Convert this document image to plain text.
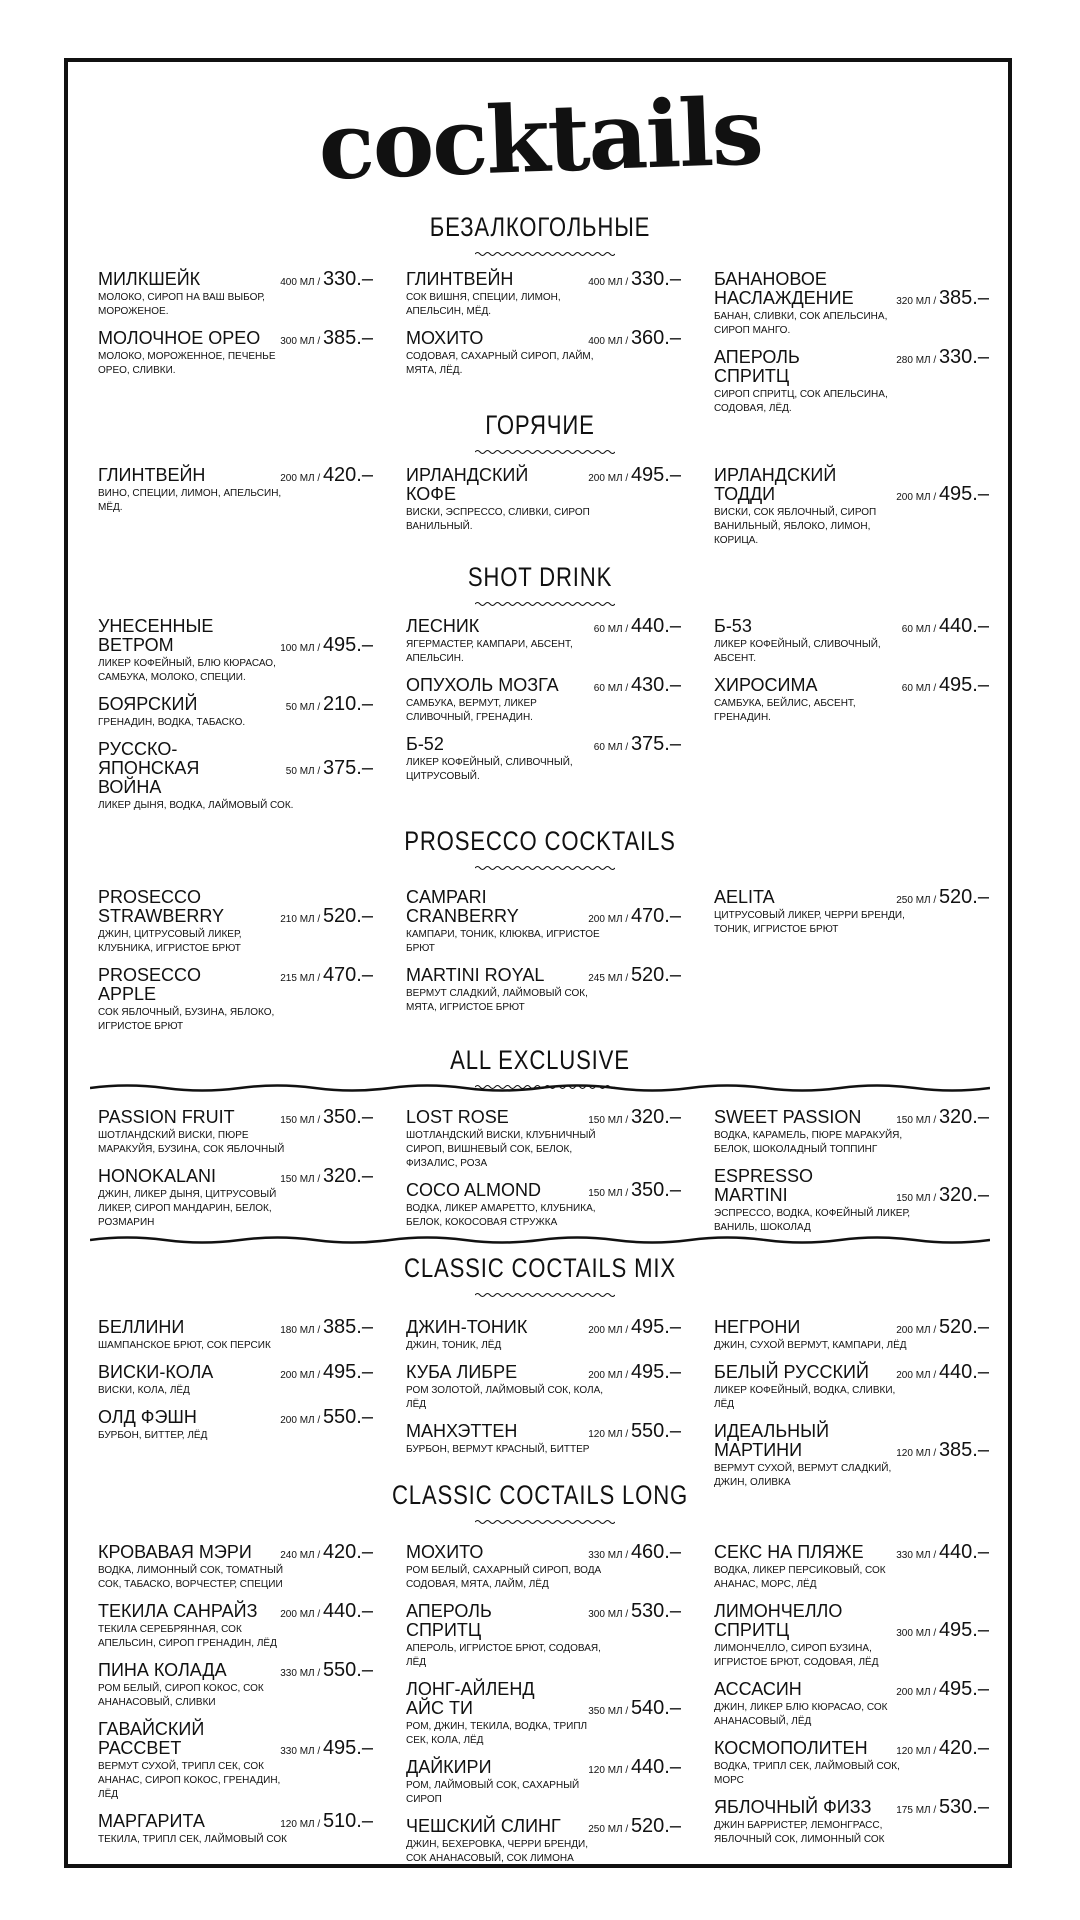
cocktails
БЕЗАЛКОГОЛЬНЫЕ
МИЛКШЕЙК	400 МЛ / 330.–
МОЛОКО, СИРОП НА ВАШ ВЫБОР, МОРОЖЕНОЕ.
МОЛОЧНОЕ ОРЕО 300 МЛ / 385.–
МОЛОКО, МОРОЖЕННОЕ, ПЕЧЕНЬЕ ОРЕО, СЛИВКИ.
ГЛИНТВЕЙН	400 МЛ / 330.–
СОК ВИШНЯ, СПЕЦИИ, ЛИМОН, АПЕЛЬСИН, МЁД.
МОХИТО	400 МЛ / 360.–
СОДОВАЯ, САХАРНЫЙ СИРОП, ЛАЙМ, МЯТА, ЛЁД.
БАНАНОВОЕ НАСЛАЖДЕНИЕ	320 МЛ / 385.–
БАНАН, СЛИВКИ, СОК АПЕЛЬСИНА, СИРОП МАНГО.
АПЕРОЛЬ СПРИТЦ
280 МЛ / 330.–
СИРОП СПРИТЦ, СОК АПЕЛЬСИНА, СОДОВАЯ, ЛЁД.
ГОРЯЧИЕ
ГЛИНТВЕЙН	200 МЛ / 420.–
ВИНО, СПЕЦИИ, ЛИМОН, АПЕЛЬСИН, МЁД.
ИРЛАНДСКИЙ КОФЕ
200 МЛ / 495.–
ВИСКИ, ЭСПРЕССО, СЛИВКИ, СИРОП ВАНИЛЬНЫЙ.
ИРЛАНДСКИЙ ТОДДИ	200 МЛ / 495.–
ВИСКИ, СОК ЯБЛОЧНЫЙ, СИРОП ВАНИЛЬНЫЙ, ЯБЛОКО, ЛИМОН, КОРИЦА.
SHOT DRINK
УНЕСЕННЫЕ ВЕТРОМ	100 МЛ / 495.–
ЛИКЕР КОФЕЙНЫЙ, БЛЮ КЮРАСАО, САМБУКА, МОЛОКО, СПЕЦИИ.
БОЯРСКИЙ	50 МЛ / 210.–
ГРЕНАДИН, ВОДКА, ТАБАСКО.
РУССКО-ЯПОНСКАЯ ВОЙНА
50 МЛ / 375.–
ЛИКЕР ДЫНЯ, ВОДКА, ЛАЙМОВЫЙ СОК.
ЛЕСНИК	60 МЛ / 440.–
ЯГЕРМАСТЕР, КАМПАРИ, АБСЕНТ, АПЕЛЬСИН.
ОПУХОЛЬ МОЗГА	60 МЛ / 430.–
САМБУКА, ВЕРМУТ, ЛИКЕР СЛИВОЧНЫЙ, ГРЕНАДИН.
Б-52	60 МЛ / 375.–
ЛИКЕР КОФЕЙНЫЙ, СЛИВОЧНЫЙ, ЦИТРУСОВЫЙ.
Б-53	60 МЛ / 440.–
ЛИКЕР КОФЕЙНЫЙ, СЛИВОЧНЫЙ, АБСЕНТ.
ХИРОСИМА	60 МЛ / 495.–
САМБУКА, БЕЙЛИС, АБСЕНТ, ГРЕНАДИН.
PROSECCO COCKTAILS
PROSECCO STRAWBERRY	210 МЛ / 520.–
ДЖИН, ЦИТРУСОВЫЙ ЛИКЕР, КЛУБНИКА, ИГРИСТОЕ БРЮТ
PROSECCO APPLE
215 МЛ / 470.–
СОК ЯБЛОЧНЫЙ, БУЗИНА, ЯБЛОКО, ИГРИСТОЕ БРЮТ
CAMPARI CRANBERRY	200 МЛ / 470.–
КАМПАРИ, ТОНИК, КЛЮКВА, ИГРИСТОЕ БРЮТ
MARTINI ROYAL	245 МЛ / 520.–
ВЕРМУТ СЛАДКИЙ, ЛАЙМОВЫЙ СОК, МЯТА, ИГРИСТОЕ БРЮТ
AELITA	250 МЛ / 520.–
ЦИТРУСОВЫЙ ЛИКЕР, ЧЕРРИ БРЕНДИ, ТОНИК, ИГРИСТОЕ БРЮТ
ALL EXCLUSIVE
PASSION FRUIT	150 МЛ / 350.–
ШОТЛАНДСКИЙ ВИСКИ, ПЮРЕ МАРАКУЙЯ, БУЗИНА, СОК ЯБЛОЧНЫЙ
HONOKALANI	150 МЛ / 320.–
ДЖИН, ЛИКЕР ДЫНЯ, ЦИТРУСОВЫЙ ЛИКЕР, СИРОП МАНДАРИН, БЕЛОК, РОЗМАРИН
LOST ROSE	150 МЛ / 320.–
ШОТЛАНДСКИЙ ВИСКИ, КЛУБНИЧНЫЙ СИРОП, ВИШНЕВЫЙ СОК, БЕЛОК, ФИЗАЛИС, РОЗА
COCO ALMOND	150 МЛ / 350.–
ВОДКА, ЛИКЕР АМАРЕТТО, КЛУБНИКА, БЕЛОК, КОКОСОВАЯ СТРУЖКА
SWEET PASSION	150 МЛ / 320.–
ВОДКА, КАРАМЕЛЬ, ПЮРЕ МАРАКУЙЯ, БЕЛОК, ШОКОЛАДНЫЙ ТОППИНГ
ESPRESSO MARTINI	150 МЛ / 320.–
ЭСПРЕССО, ВОДКА, КОФЕЙНЫЙ ЛИКЕР, ВАНИЛЬ, ШОКОЛАД
CLASSIC COCTAILS MIX
БЕЛЛИНИ	180 МЛ / 385.–
ШАМПАНСКОЕ БРЮТ, СОК ПЕРСИК
ВИСКИ-КОЛА	200 МЛ / 495.–
ВИСКИ, КОЛА, ЛЁД
ОЛД ФЭШН	200 МЛ / 550.–
БУРБОН, БИТТЕР, ЛЁД
ДЖИН-ТОНИК	200 МЛ / 495.–
ДЖИН, ТОНИК, ЛЁД
КУБА ЛИБРЕ	200 МЛ / 495.–
РОМ ЗОЛОТОЙ, ЛАЙМОВЫЙ СОК, КОЛА, ЛЁД
МАНХЭТТЕН	120 МЛ / 550.–
БУРБОН, ВЕРМУТ КРАСНЫЙ, БИТТЕР
НЕГРОНИ	200 МЛ / 520.–
ДЖИН, СУХОЙ ВЕРМУТ, КАМПАРИ, ЛЁД
БЕЛЫЙ РУССКИЙ	200 МЛ / 440.–
ЛИКЕР КОФЕЙНЫЙ, ВОДКА, СЛИВКИ, ЛЁД
ИДЕАЛЬНЫЙ МАРТИНИ	120 МЛ / 385.–
ВЕРМУТ СУХОЙ, ВЕРМУТ СЛАДКИЙ, ДЖИН, ОЛИВКА
CLASSIC COCTAILS LONG
КРОВАВАЯ МЭРИ	240 МЛ / 420.–
ВОДКА, ЛИМОННЫЙ СОК, ТОМАТНЫЙ СОК, ТАБАСКО, ВОРЧЕСТЕР, СПЕЦИИ
ТЕКИЛА САНРАЙЗ	200 МЛ / 440.–
ТЕКИЛА СЕРЕБРЯННАЯ, СОК АПЕЛЬСИН, СИРОП ГРЕНАДИН, ЛЁД
ПИНА КОЛАДА	330 МЛ / 550.–
РОМ БЕЛЫЙ, СИРОП КОКОС, СОК АНАНАСОВЫЙ, СЛИВКИ
ГАВАЙСКИЙ РАССВЕТ	330 МЛ / 495.–
ВЕРМУТ СУХОЙ, ТРИПЛ СЕК, СОК АНАНАС, СИРОП КОКОС, ГРЕНАДИН, ЛЁД
МАРГАРИТА	120 МЛ / 510.–
ТЕКИЛА, ТРИПЛ СЕК, ЛАЙМОВЫЙ СОК
МОХИТО	330 МЛ / 460.–
РОМ БЕЛЫЙ, САХАРНЫЙ СИРОП, ВОДА СОДОВАЯ, МЯТА, ЛАЙМ, ЛЁД
АПЕРОЛЬ СПРИТЦ
300 МЛ / 530.–
АПЕРОЛЬ, ИГРИСТОЕ БРЮТ, СОДОВАЯ, ЛЁД
ЛОНГ-АЙЛЕНД АЙС ТИ	350 МЛ / 540.–
РОМ, ДЖИН, ТЕКИЛА, ВОДКА, ТРИПЛ СЕК, КОЛА, ЛЁД
ДАЙКИРИ	120 МЛ / 440.–
РОМ, ЛАЙМОВЫЙ СОК, САХАРНЫЙ СИРОП
ЧЕШСКИЙ СЛИНГ	250 МЛ / 520.–
ДЖИН, БЕХЕРОВКА, ЧЕРРИ БРЕНДИ, СОК АНАНАСОВЫЙ, СОК ЛИМОНА
СЕКС НА ПЛЯЖЕ	330 МЛ / 440.–
ВОДКА, ЛИКЕР ПЕРСИКОВЫЙ, СОК АНАНАС, МОРС, ЛЁД
ЛИМОНЧЕЛЛО СПРИТЦ	300 МЛ / 495.–
ЛИМОНЧЕЛЛО, СИРОП БУЗИНА, ИГРИСТОЕ БРЮТ, СОДОВАЯ, ЛЁД
АССАСИН	200 МЛ / 495.–
ДЖИН, ЛИКЕР БЛЮ КЮРАСАО, СОК АНАНАСОВЫЙ, ЛЁД
КОСМОПОЛИТЕН	120 МЛ / 420.–
ВОДКА, ТРИПЛ СЕК, ЛАЙМОВЫЙ СОК, МОРС
ЯБЛОЧНЫЙ ФИЗЗ	175 МЛ / 530.–
ДЖИН БАРРИСТЕР, ЛЕМОНГРАСС, ЯБЛОЧНЫЙ СОК, ЛИМОННЫЙ СОК
